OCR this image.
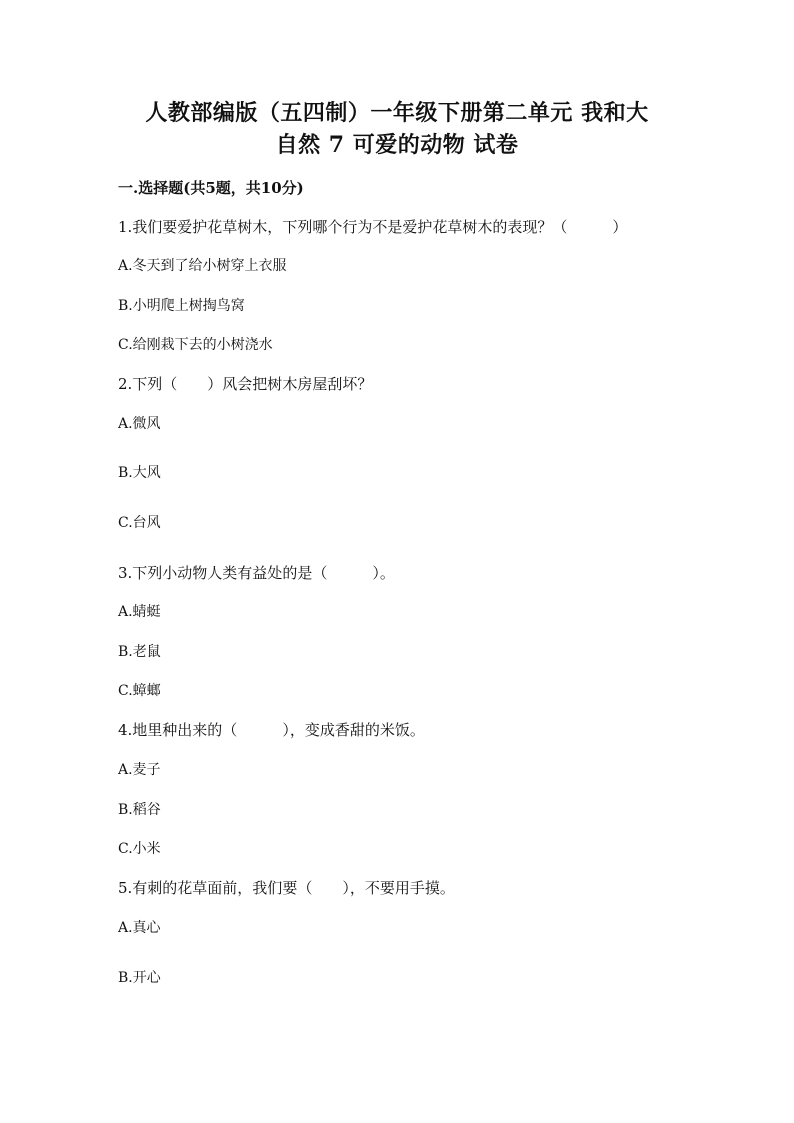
人教部编版（五四制）一年级下册第二单元 我和大
自然 7 可爱的动物 试卷
一.选择题(共5题，共10分)
1.我们要爱护花草树木，下列哪个行为不是爱护花草树木的表现？（　　　）
A.冬天到了给小树穿上衣服
B.小明爬上树掏鸟窝
C.给刚栽下去的小树浇水
2.下列（　　）风会把树木房屋刮坏？
A.微风
B.大风
C.台风
3.下列小动物人类有益处的是（　　　）。
A.蜻蜓
B.老鼠
C.蟑螂
4.地里种出来的（　　　），变成香甜的米饭。
A.麦子
B.稻谷
C.小米
5.有刺的花草面前，我们要（　　），不要用手摸。
A.真心
B.开心
